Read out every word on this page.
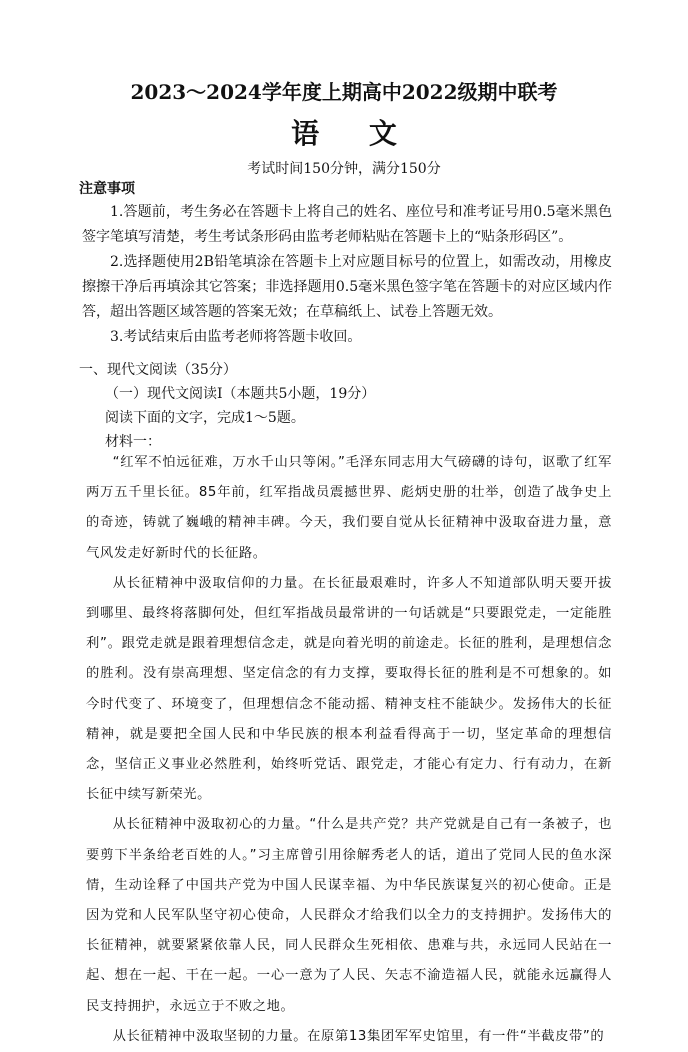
2023～2024学年度上期高中2022级期中联考
语 文
考试时间150分钟，满分150分
注意事项

1.答题前，考生务必在答题卡上将自己的姓名、座位号和准考证号用0.5毫米黑色签字笔填写清楚，考生考试条形码由监考老师粘贴在答题卡上的“贴条形码区”。

2.选择题使用2B铅笔填涂在答题卡上对应题目标号的位置上，如需改动，用橡皮擦擦干净后再填涂其它答案；非选择题用0.5毫米黑色签字笔在答题卡的对应区域内作答，超出答题区域答题的答案无效；在草稿纸上、试卷上答题无效。

3.考试结束后由监考老师将答题卡收回。

一、现代文阅读（35分）
（一）现代文阅读Ⅰ（本题共5小题，19分）
阅读下面的文字，完成1～5题。
材料一：

“红军不怕远征难，万水千山只等闲。”毛泽东同志用大气磅礴的诗句，讴歌了红军两万五千里长征。85年前，红军指战员震撼世界、彪炳史册的壮举，创造了战争史上的奇迹，铸就了巍峨的精神丰碑。今天，我们要自觉从长征精神中汲取奋进力量，意气风发走好新时代的长征路。

从长征精神中汲取信仰的力量。在长征最艰难时，许多人不知道部队明天要开拔到哪里、最终将落脚何处，但红军指战员最常讲的一句话就是“只要跟党走，一定能胜利”。跟党走就是跟着理想信念走，就是向着光明的前途走。长征的胜利，是理想信念的胜利。没有崇高理想、坚定信念的有力支撑，要取得长征的胜利是不可想象的。如今时代变了、环境变了，但理想信念不能动摇、精神支柱不能缺少。发扬伟大的长征精神，就是要把全国人民和中华民族的根本利益看得高于一切，坚定革命的理想信念，坚信正义事业必然胜利，始终听党话、跟党走，才能心有定力、行有动力，在新长征中续写新荣光。

从长征精神中汲取初心的力量。“什么是共产党？共产党就是自己有一条被子，也要剪下半条给老百姓的人。”习主席曾引用徐解秀老人的话，道出了党同人民的鱼水深情，生动诠释了中国共产党为中国人民谋幸福、为中华民族谋复兴的初心使命。正是因为党和人民军队坚守初心使命，人民群众才给我们以全力的支持拥护。发扬伟大的长征精神，就要紧紧依靠人民，同人民群众生死相依、患难与共，永远同人民站在一起、想在一起、干在一起。一心一意为了人民、矢志不渝造福人民，就能永远赢得人民支持拥护，永远立于不败之地。

从长征精神中汲取坚韧的力量。在原第13集团军军史馆里，有一件“半截皮带”的
